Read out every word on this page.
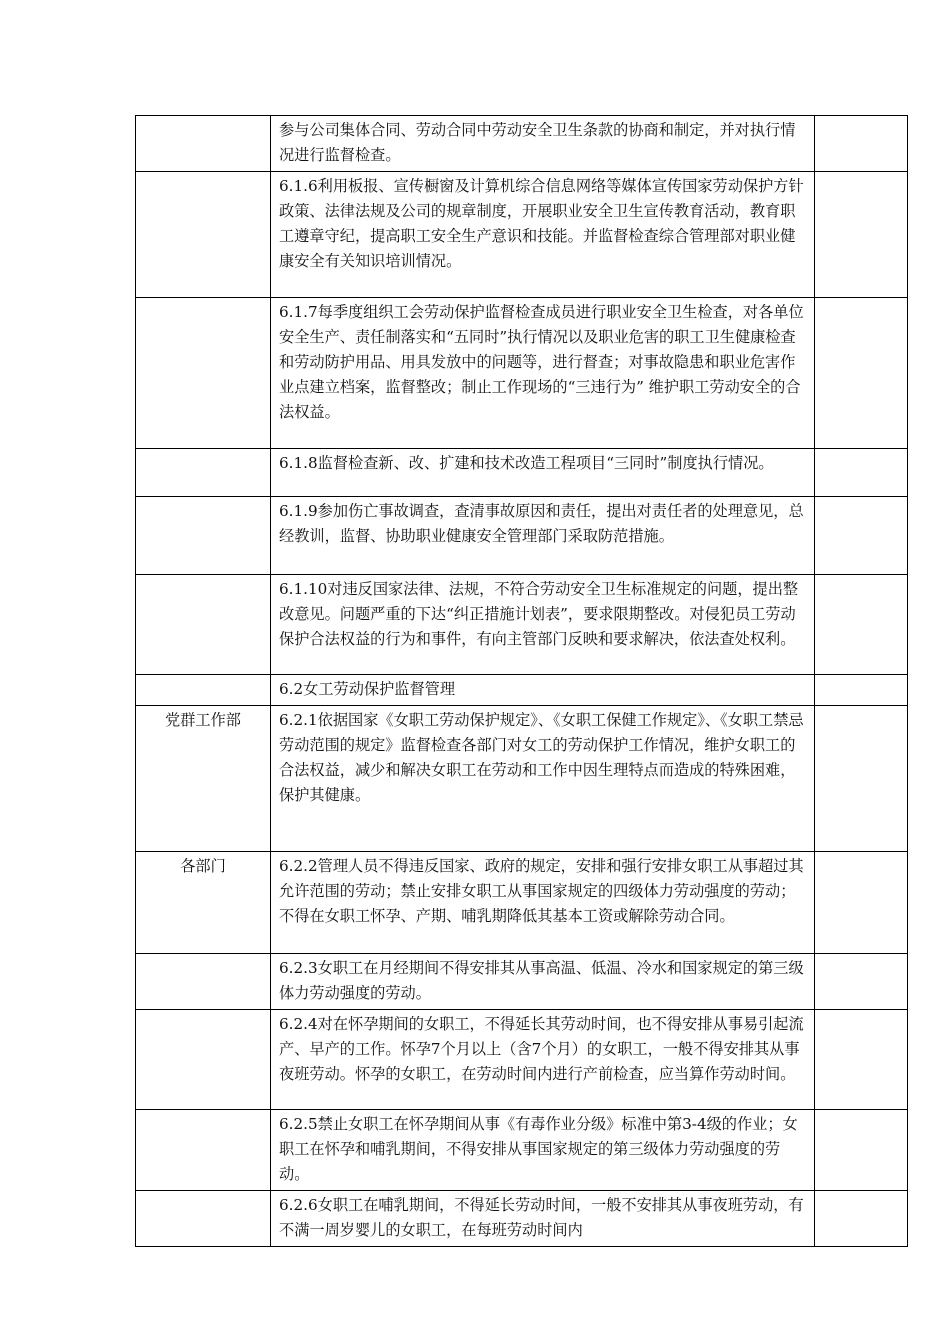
	参与公司集体合同、劳动合同中劳动安全卫生条款的协商和制定，并对执行情况进行监督检查。	
	6.1.6利用板报、宣传橱窗及计算机综合信息网络等媒体宣传国家劳动保护方针政策、法律法规及公司的规章制度，开展职业安全卫生宣传教育活动，教育职工遵章守纪，提高职工安全生产意识和技能。并监督检查综合管理部对职业健康安全有关知识培训情况。	
	6.1.7每季度组织工会劳动保护监督检查成员进行职业安全卫生检查，对各单位安全生产、责任制落实和“五同时”执行情况以及职业危害的职工卫生健康检查和劳动防护用品、用具发放中的问题等，进行督查；对事故隐患和职业危害作业点建立档案，监督整改；制止工作现场的“三违行为” 维护职工劳动安全的合法权益。	
	6.1.8监督检查新、改、扩建和技术改造工程项目“三同时”制度执行情况。	
	6.1.9参加伤亡事故调查，查清事故原因和责任，提出对责任者的处理意见，总经教训，监督、协助职业健康安全管理部门采取防范措施。	
	6.1.10对违反国家法律、法规，不符合劳动安全卫生标准规定的问题，提出整改意见。问题严重的下达“纠正措施计划表”，要求限期整改。对侵犯员工劳动保护合法权益的行为和事件，有向主管部门反映和要求解决，依法查处权利。	
	6.2女工劳动保护监督管理	
党群工作部	6.2.1依据国家《女职工劳动保护规定》、《女职工保健工作规定》、《女职工禁忌劳动范围的规定》监督检查各部门对女工的劳动保护工作情况，维护女职工的合法权益，减少和解决女职工在劳动和工作中因生理特点而造成的特殊困难，保护其健康。	
各部门	6.2.2管理人员不得违反国家、政府的规定，安排和强行安排女职工从事超过其允许范围的劳动；禁止安排女职工从事国家规定的四级体力劳动强度的劳动；不得在女职工怀孕、产期、哺乳期降低其基本工资或解除劳动合同。	
	6.2.3女职工在月经期间不得安排其从事高温、低温、冷水和国家规定的第三级体力劳动强度的劳动。	
	6.2.4对在怀孕期间的女职工，不得延长其劳动时间，也不得安排从事易引起流产、早产的工作。怀孕7个月以上（含7个月）的女职工，一般不得安排其从事夜班劳动。怀孕的女职工，在劳动时间内进行产前检查，应当算作劳动时间。	
	6.2.5禁止女职工在怀孕期间从事《有毒作业分级》标准中第3-4级的作业；女职工在怀孕和哺乳期间，不得安排从事国家规定的第三级体力劳动强度的劳动。	
	6.2.6女职工在哺乳期间，不得延长劳动时间，一般不安排其从事夜班劳动，有不满一周岁婴儿的女职工，在每班劳动时间内	
